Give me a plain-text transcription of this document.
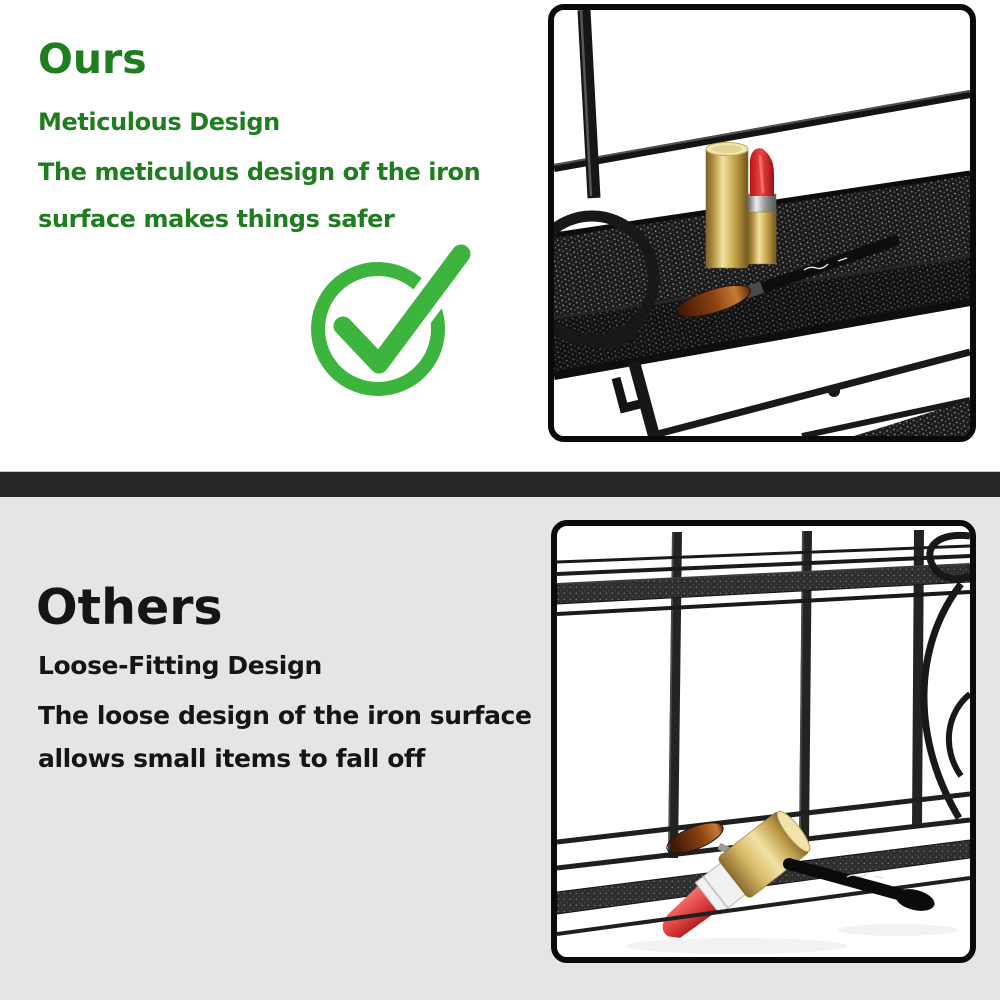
Ours
Meticulous Design

The meticulous design of the iron

surface makes things safer

Others
Loose-Fitting Design

The loose design of the iron surface

allows small items to fall off
